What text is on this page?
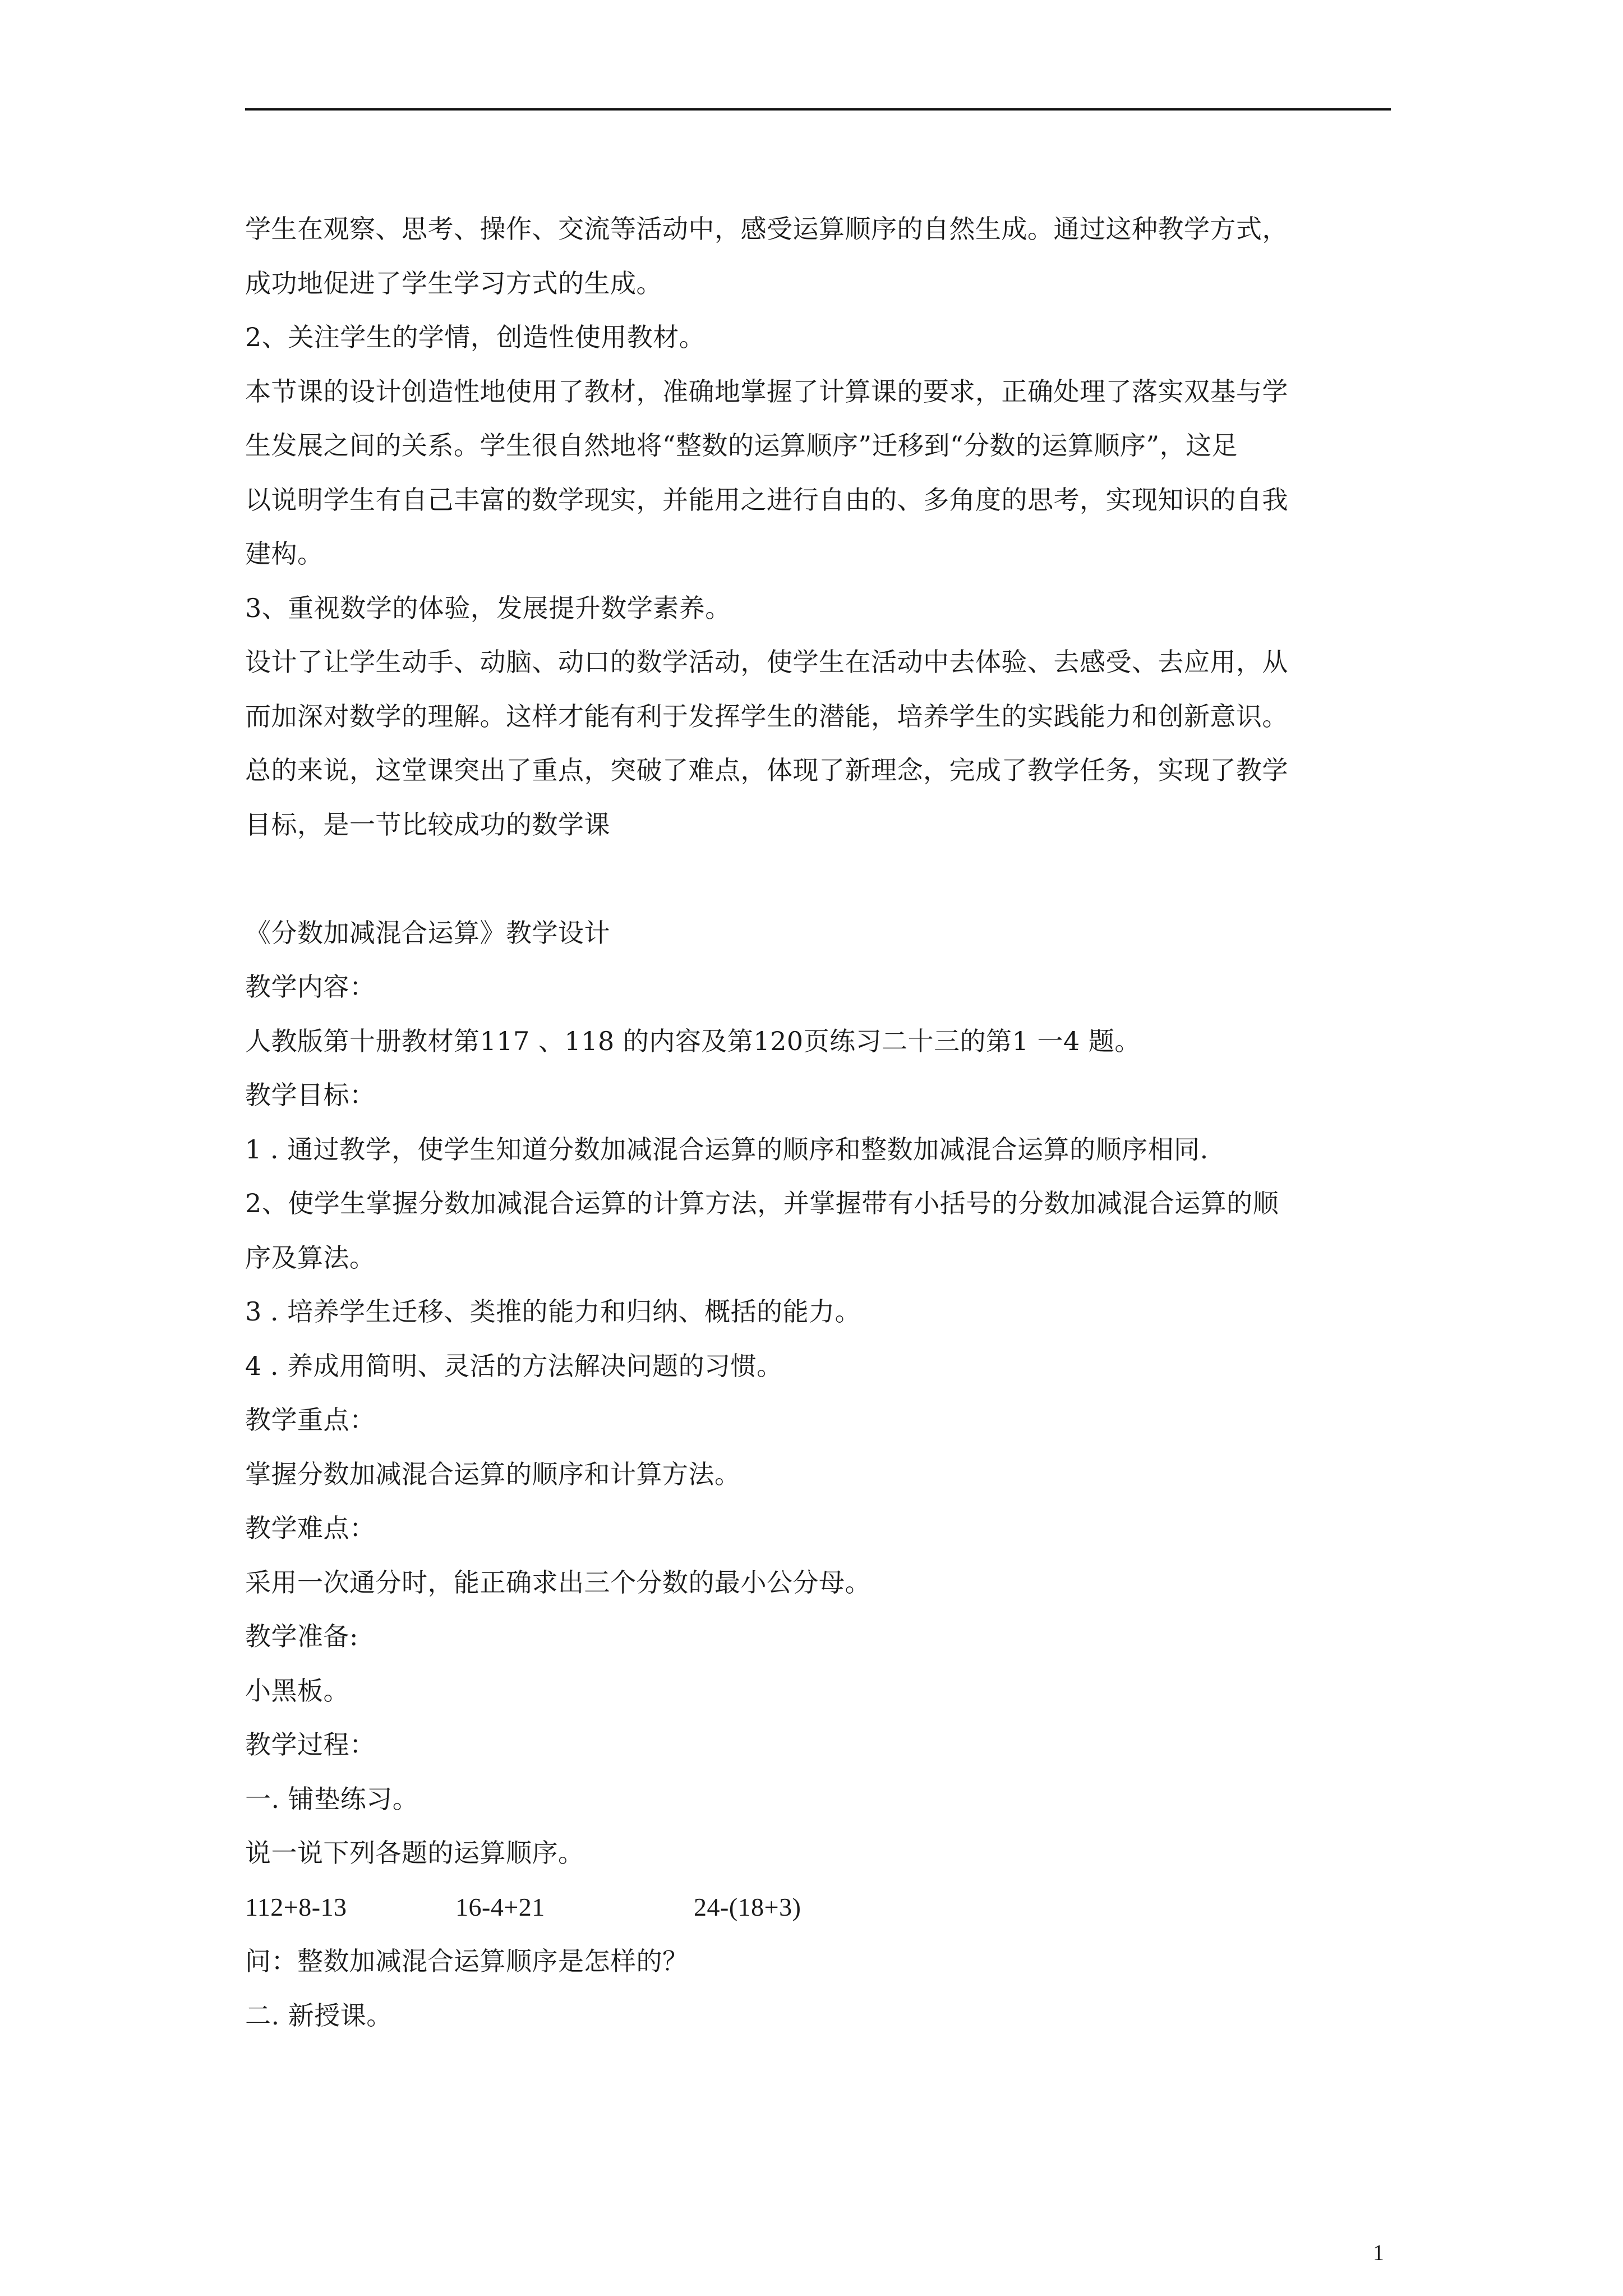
学生在观察、思考、操作、交流等活动中，感受运算顺序的自然生成。通过这种教学方式，
成功地促进了学生学习方式的生成。
2、关注学生的学情，创造性使用教材。
本节课的设计创造性地使用了教材，准确地掌握了计算课的要求，正确处理了落实双基与学
生发展之间的关系。学生很自然地将“整数的运算顺序”迁移到“分数的运算顺序”，这足
以说明学生有自己丰富的数学现实，并能用之进行自由的、多角度的思考，实现知识的自我
建构。
3、重视数学的体验，发展提升数学素养。
设计了让学生动手、动脑、动口的数学活动，使学生在活动中去体验、去感受、去应用，从
而加深对数学的理解。这样才能有利于发挥学生的潜能，培养学生的实践能力和创新意识。
总的来说，这堂课突出了重点，突破了难点，体现了新理念，完成了教学任务，实现了教学
目标，是一节比较成功的数学课
《分数加减混合运算》教学设计
教学内容：
人教版第十册教材第117 、118 的内容及第120页练习二十三的第1 一4 题。
教学目标：
1 . 通过教学，使学生知道分数加减混合运算的顺序和整数加减混合运算的顺序相同.
2、使学生掌握分数加减混合运算的计算方法，并掌握带有小括号的分数加减混合运算的顺
序及算法。
3 . 培养学生迁移、类推的能力和归纳、概括的能力。
4 . 养成用简明、灵活的方法解决问题的习惯。
教学重点：
掌握分数加减混合运算的顺序和计算方法。
教学难点：
采用一次通分时，能正确求出三个分数的最小公分母。
教学准备:
小黑板。
教学过程：
一. 铺垫练习。
说一说下列各题的运算顺序。
112+8-13	16-4+21	24-(18+3)
问：整数加减混合运算顺序是怎样的？
二. 新授课。
1
